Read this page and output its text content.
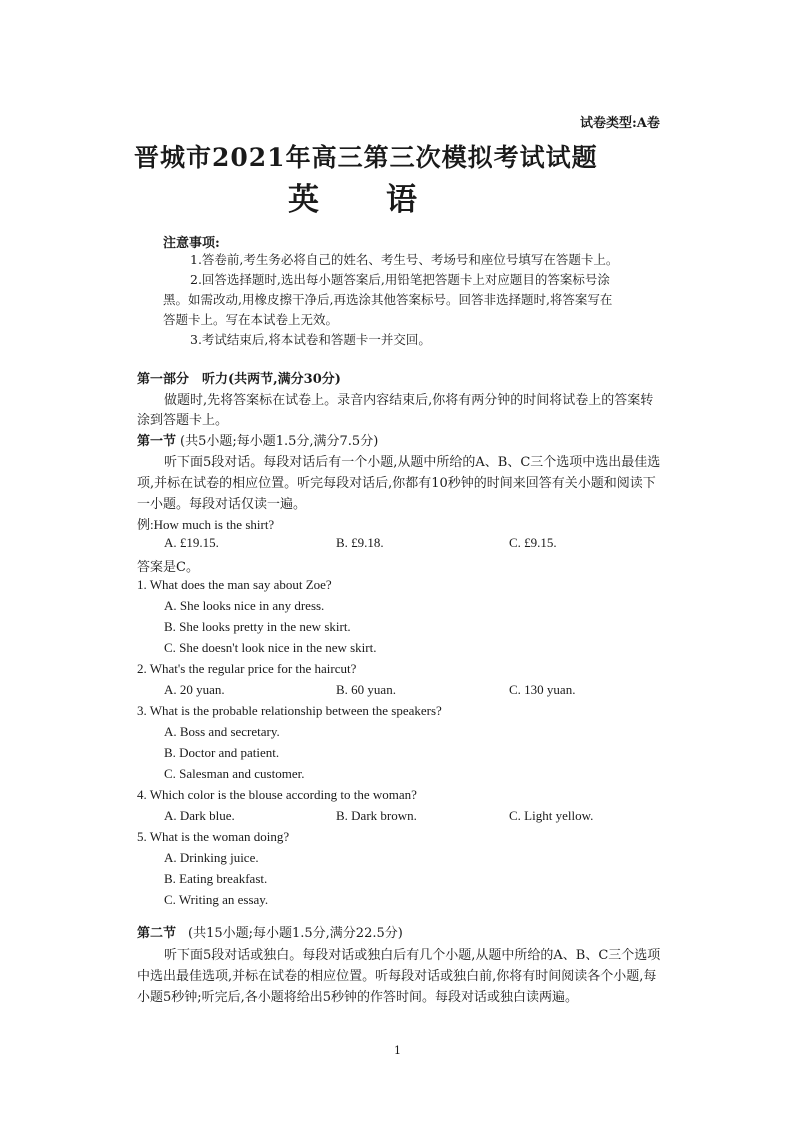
试卷类型:A卷
晋城市2021年高三第三次模拟考试试题
英 语
注意事项:
1.答卷前,考生务必将自己的姓名、考生号、考场号和座位号填写在答题卡上。
2.回答选择题时,选出每小题答案后,用铅笔把答题卡上对应题目的答案标号涂
黑。如需改动,用橡皮擦干净后,再选涂其他答案标号。回答非选择题时,将答案写在
答题卡上。写在本试卷上无效。
3.考试结束后,将本试卷和答题卡一并交回。
第一部分 听力(共两节,满分30分)
做题时,先将答案标在试卷上。录音内容结束后,你将有两分钟的时间将试卷上的答案转
涂到答题卡上。
第一节 (共5小题;每小题1.5分,满分7.5分)
听下面5段对话。每段对话后有一个小题,从题中所给的A、B、C三个选项中选出最佳选
项,并标在试卷的相应位置。听完每段对话后,你都有10秒钟的时间来回答有关小题和阅读下
一小题。每段对话仅读一遍。
例:How much is the shirt?
A. £19.15.	B. £9.18.	C. £9.15.
答案是C。
1. What does the man say about Zoe?
A. She looks nice in any dress.
B. She looks pretty in the new skirt.
C. She doesn't look nice in the new skirt.
2. What's the regular price for the haircut?
A. 20 yuan.	B. 60 yuan.	C. 130 yuan.
3. What is the probable relationship between the speakers?
A. Boss and secretary.
B. Doctor and patient.
C. Salesman and customer.
4. Which color is the blouse according to the woman?
A. Dark blue.	B. Dark brown.	C. Light yellow.
5. What is the woman doing?
A. Drinking juice.
B. Eating breakfast.
C. Writing an essay.
第二节 (共15小题;每小题1.5分,满分22.5分)
听下面5段对话或独白。每段对话或独白后有几个小题,从题中所给的A、B、C三个选项
中选出最佳选项,并标在试卷的相应位置。听每段对话或独白前,你将有时间阅读各个小题,每
小题5秒钟;听完后,各小题将给出5秒钟的作答时间。每段对话或独白读两遍。
1
